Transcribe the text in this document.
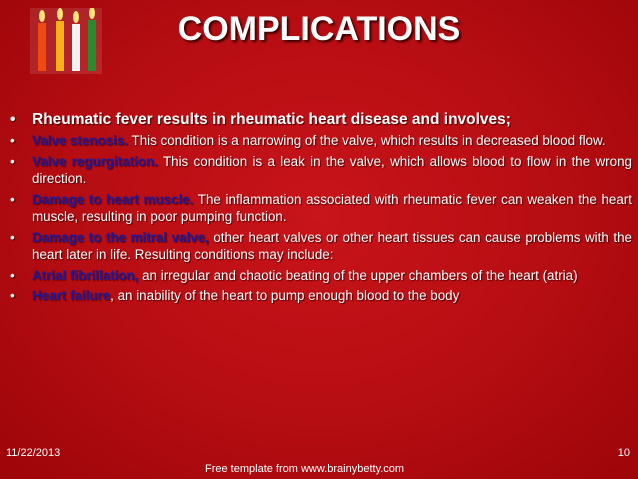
COMPLICATIONS
• Rheumatic fever results in rheumatic heart disease and involves;
• Valve stenosis. This condition is a narrowing of the valve, which results in decreased blood flow.
• Valve regurgitation. This condition is a leak in the valve, which allows blood to flow in the wrong direction.
• Damage to heart muscle. The inflammation associated with rheumatic fever can weaken the heart muscle, resulting in poor pumping function.
• Damage to the mitral valve, other heart valves or other heart tissues can cause problems with the heart later in life. Resulting conditions may include:
• Atrial fibrillation, an irregular and chaotic beating of the upper chambers of the heart (atria)
• Heart failure, an inability of the heart to pump enough blood to the body
11/22/2013
Free template from www.brainybetty.com
10
